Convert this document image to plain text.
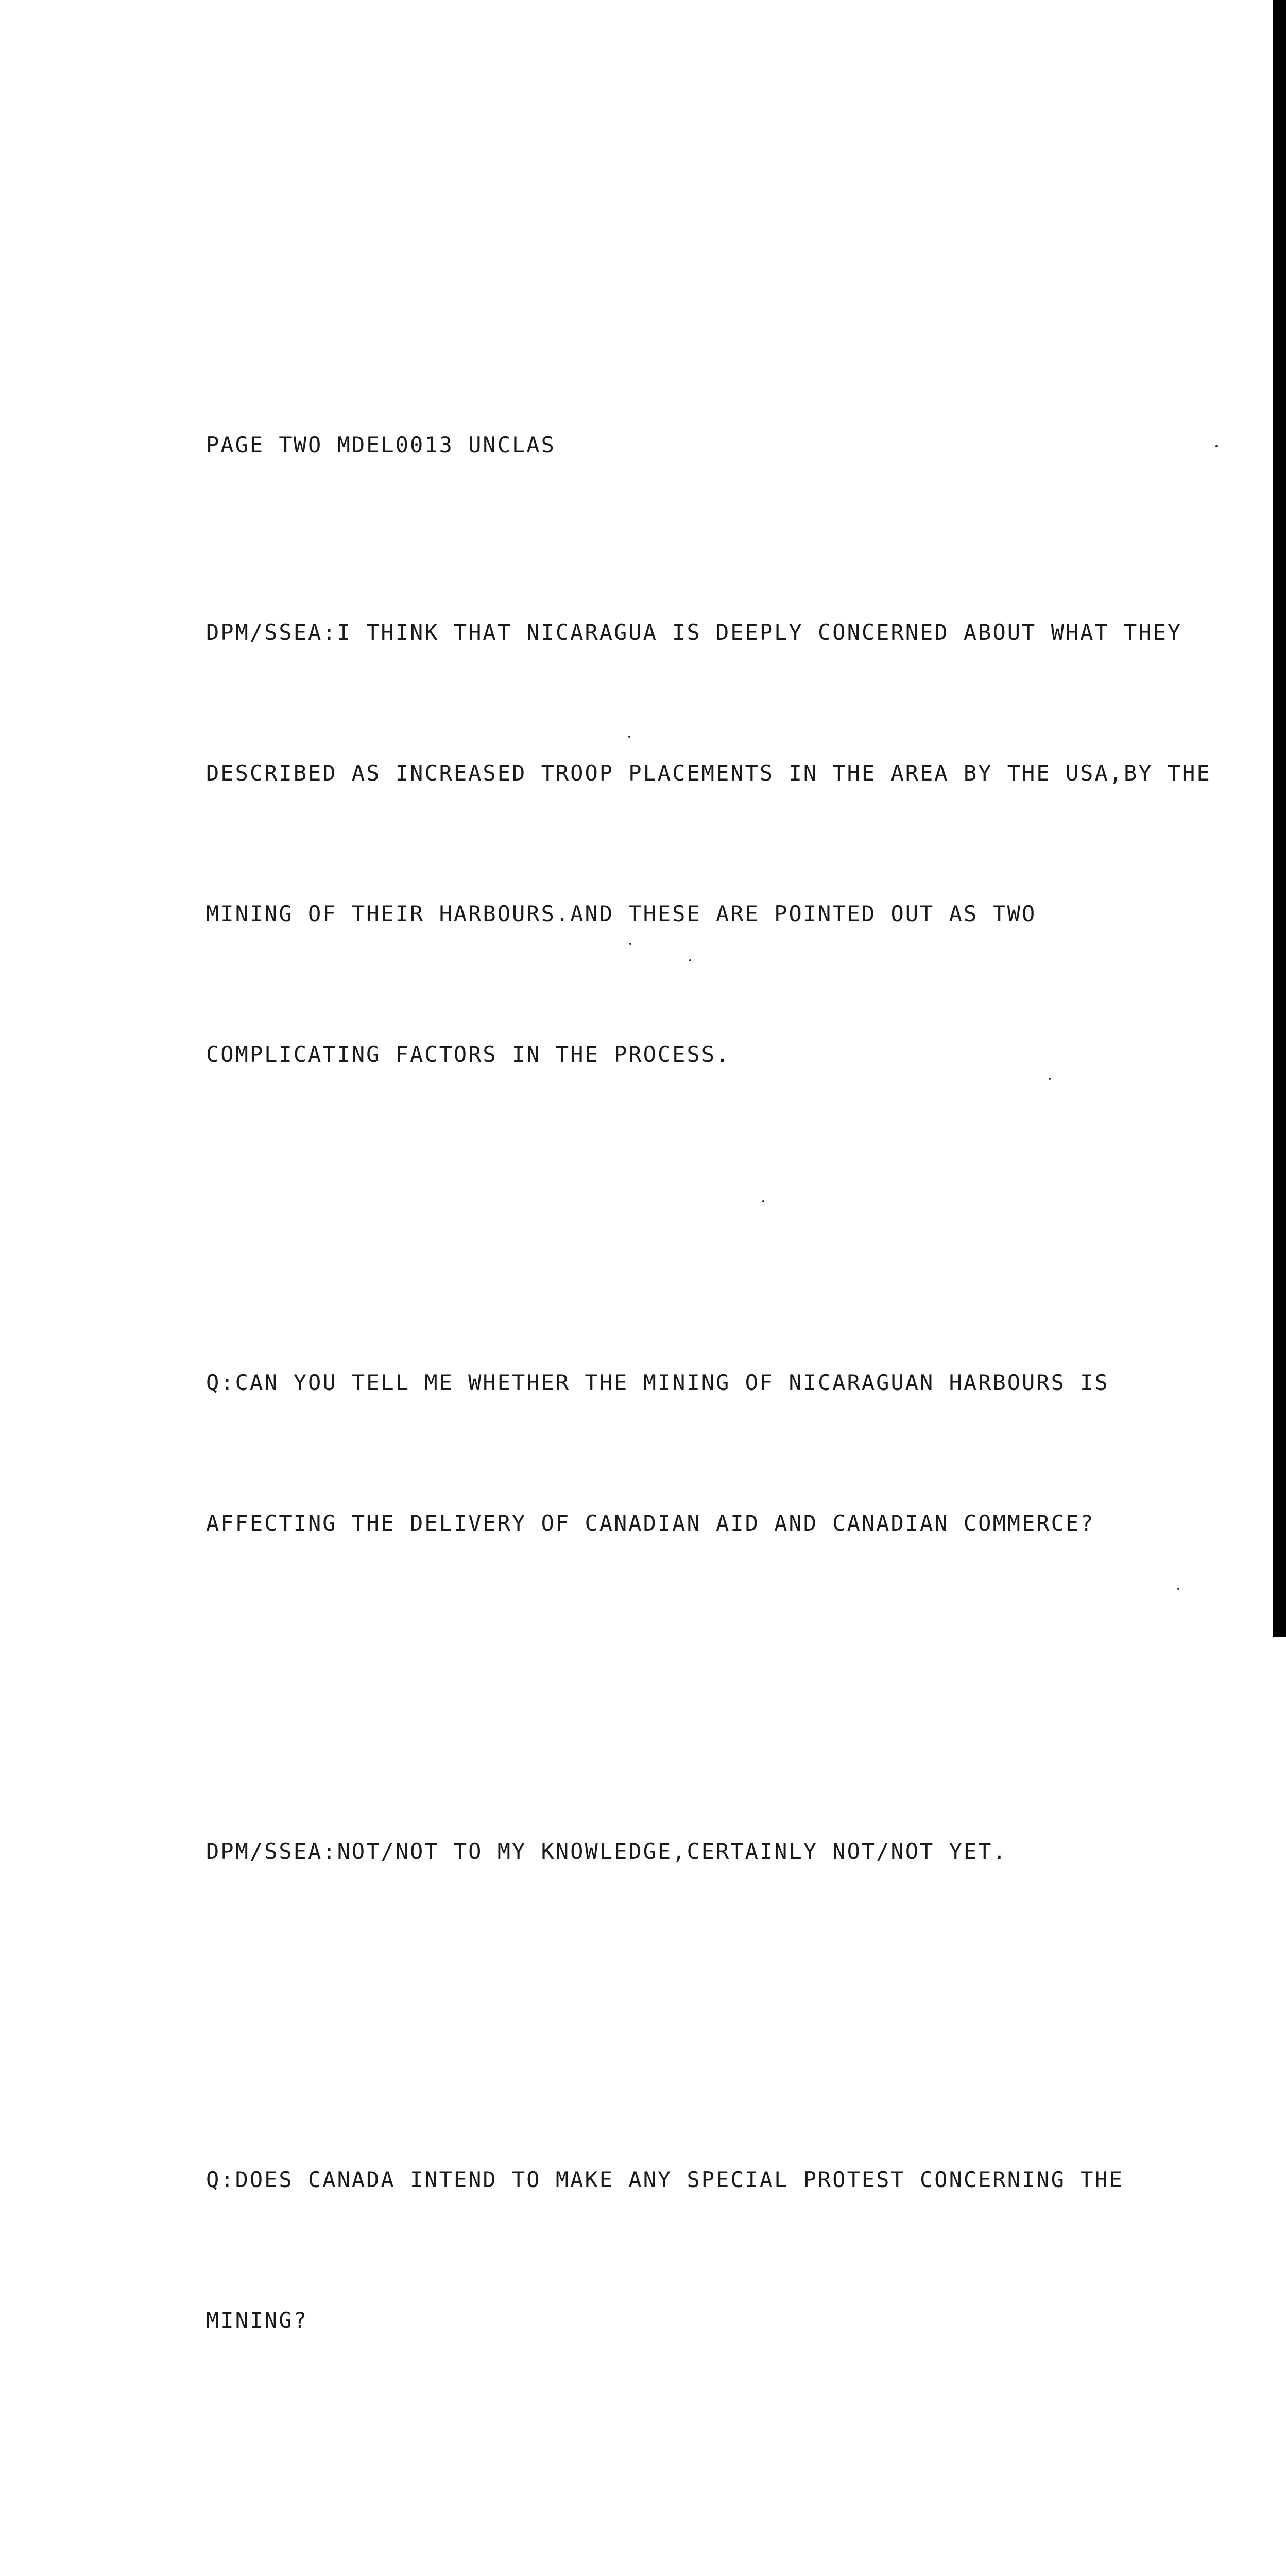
PAGE TWO MDEL0013 UNCLAS

DPM/SSEA:I THINK THAT NICARAGUA IS DEEPLY CONCERNED ABOUT WHAT THEY

DESCRIBED AS INCREASED TROOP PLACEMENTS IN THE AREA BY THE USA,BY THE

MINING OF THEIR HARBOURS.AND THESE ARE POINTED OUT AS TWO

COMPLICATING FACTORS IN THE PROCESS.

Q:CAN YOU TELL ME WHETHER THE MINING OF NICARAGUAN HARBOURS IS

AFFECTING THE DELIVERY OF CANADIAN AID AND CANADIAN COMMERCE?

DPM/SSEA:NOT/NOT TO MY KNOWLEDGE,CERTAINLY NOT/NOT YET.

Q:DOES CANADA INTEND TO MAKE ANY SPECIAL PROTEST CONCERNING THE

MINING?
